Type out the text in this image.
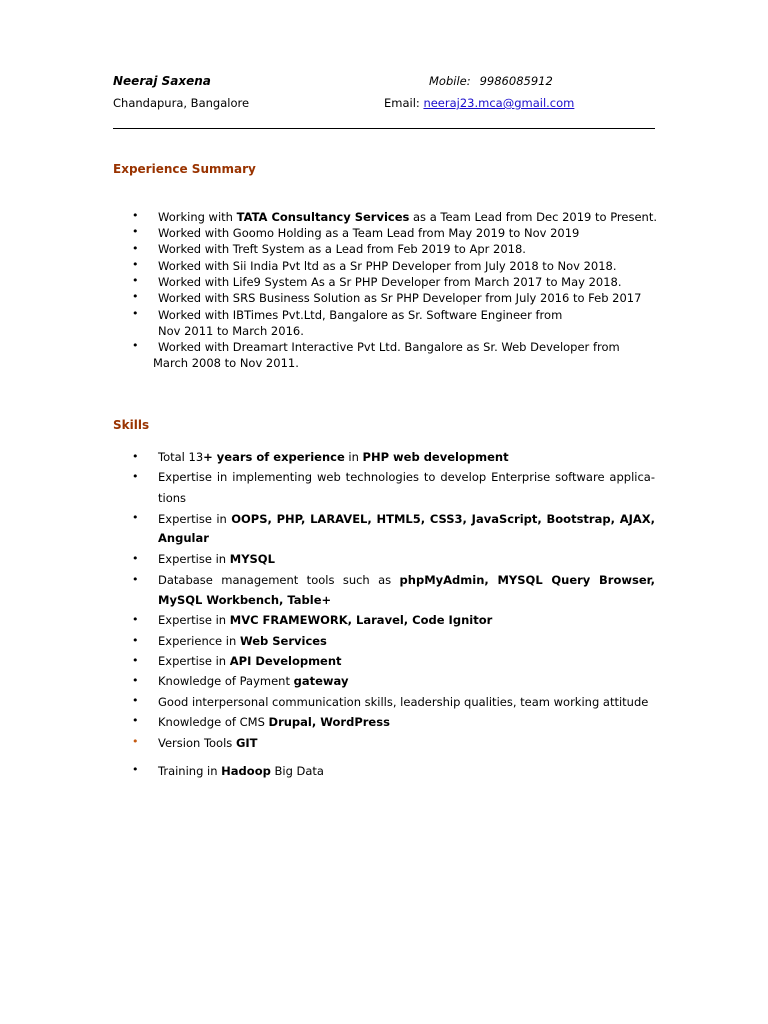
Neeraj Saxena
Chandapura, Bangalore
Mobile: 9986085912
Email: neeraj23.mca@gmail.com
Experience Summary
• Working with TATA Consultancy Services as a Team Lead from Dec 2019 to Present.
• Worked with Goomo Holding as a Team Lead from May 2019 to Nov 2019
• Worked with Treft System as a Lead from Feb 2019 to Apr 2018.
• Worked with Sii India Pvt ltd as a Sr PHP Developer from July 2018 to Nov 2018.
• Worked with Life9 System As a Sr PHP Developer from March 2017 to May 2018.
• Worked with SRS Business Solution as Sr PHP Developer from July 2016 to Feb 2017
• Worked with IBTimes Pvt.Ltd, Bangalore as Sr. Software Engineer from
Nov 2011 to March 2016.
• Worked with Dreamart Interactive Pvt Ltd. Bangalore as Sr. Web Developer from
March 2008 to Nov 2011.
Skills
• Total 13+ years of experience in PHP web development
• Expertise in implementing web technologies to develop Enterprise software applica-
tions
• Expertise in OOPS, PHP, LARAVEL, HTML5, CSS3, JavaScript, Bootstrap, AJAX,
Angular
• Expertise in MYSQL
• Database management tools such as phpMyAdmin, MYSQL Query Browser,
MySQL Workbench, Table+
• Expertise in MVC FRAMEWORK, Laravel, Code Ignitor
• Experience in Web Services
• Expertise in API Development
• Knowledge of Payment gateway
• Good interpersonal communication skills, leadership qualities, team working attitude
• Knowledge of CMS Drupal, WordPress
• Version Tools GIT
• Training in Hadoop Big Data
